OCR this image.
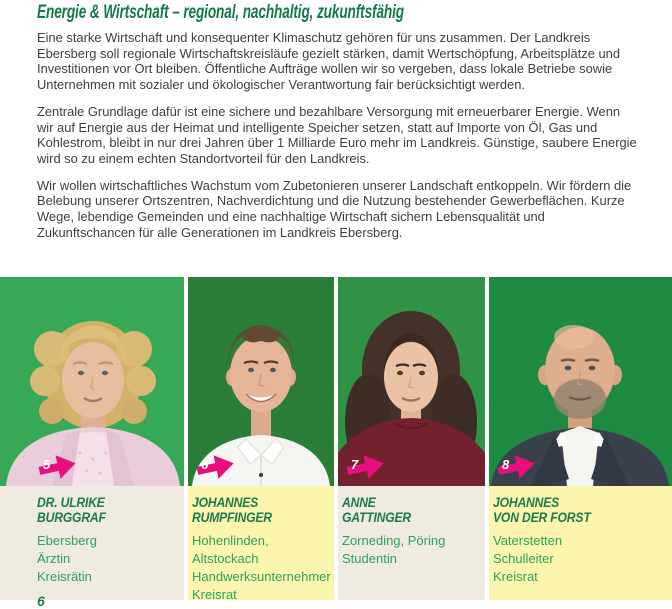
Energie & Wirtschaft – regional, nachhaltig, zukunftsfähig

Eine starke Wirtschaft und konsequenter Klimaschutz gehören für uns zusammen. Der Landkreis Ebersberg soll regionale Wirtschaftskreisläufe gezielt stärken, damit Wertschöpfung, Arbeitsplätze und Investitionen vor Ort bleiben. Öffentliche Aufträge wollen wir so vergeben, dass lokale Betriebe sowie Unternehmen mit sozialer und ökologischer Verantwortung fair berücksichtigt werden.

Zentrale Grundlage dafür ist eine sichere und bezahlbare Versorgung mit erneuerbarer Energie. Wenn wir auf Energie aus der Heimat und intelligente Speicher setzen, statt auf Importe von Öl, Gas und Kohlestrom, bleibt in nur drei Jahren über 1 Milliarde Euro mehr im Landkreis. Günstige, saubere Energie wird so zu einem echten Standortvorteil für den Landkreis.

Wir wollen wirtschaftliches Wachstum vom Zubetonieren unserer Landschaft entkoppeln. Wir fördern die Belebung unserer Ortszentren, Nachverdichtung und die Nutzung bestehender Gewerbeflächen. Kurze Wege, lebendige Gemeinden und eine nachhaltige Wirtschaft sichern Lebensqualität und Zukunftschancen für alle Generationen im Landkreis Ebersberg.

5
DR. ULRIKE
BURGGRAF
Ebersberg
Ärztin
Kreisrätin
6
JOHANNES
RUMPFINGER
Hohenlinden, Altstockach
Handwerksunternehmer
Kreisrat
7
ANNE
GATTINGER
Zorneding, Pöring
Studentin
8
JOHANNES
VON DER FORST
Vaterstetten
Schulleiter
Kreisrat
6
